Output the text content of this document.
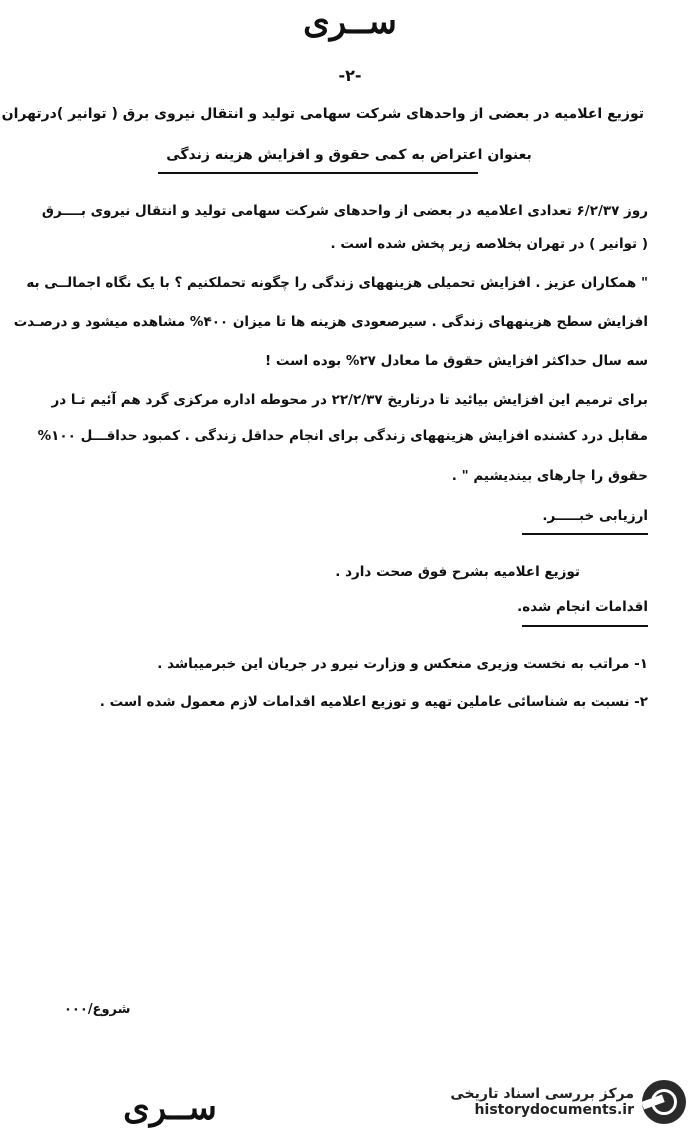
ســری
-۲-
توزیع اعلامیه در بعضی از واحدهای شرکت سهامی تولید و انتقال نیروی برق ( توانیر )درتهران
بعنوان اعتراض به کمی حقوق و افزایش هزینه زندگی
روز ۶/۲/۳۷ تعدادی اعلامیه در بعضی از واحدهای شرکت سهامی تولید و انتقال نیروی بــــرق
( توانیر ) در تهران بخلاصه زیر پخش شده است .
" همکاران عزیز . افزایش تحمیلی هزینههای زندگی را چگونه تحملکنیم ؟ با یک نگاه اجمالــی به
افزایش سطح هزینههای زندگی . سیرصعودی هزینه ها تا میزان ۴۰۰% مشاهده میشود و درصـدت
سه سال حداکثر افزایش حقوق ما معادل ۲۷% بوده است !
برای ترمیم این افزایش بیائید تا درتاریخ ۲۲/۲/۳۷ در محوطه اداره مرکزی گرد هم آئیم تـا در
مقابل درد کشنده افزایش هزینههای زندگی برای انجام حداقل زندگی . کمبود حداقـــل ۱۰۰%
حقوق را چارهای بیندیشیم " .
ارزیابی خبـــــر.
توزیع اعلامیه بشرح فوق صحت دارد .
اقدامات انجام شده.
۱- مراتب به نخست وزیری منعکس و وزارت نیرو در جریان این خبرمیباشد .
۲- نسبت به شناسائی عاملین تهیه و توزیع اعلامیه اقدامات لازم معمول شده است .
شروع/۰۰۰
ســری	مرکز بررسی اسناد تاریخی
historydocuments.ir
